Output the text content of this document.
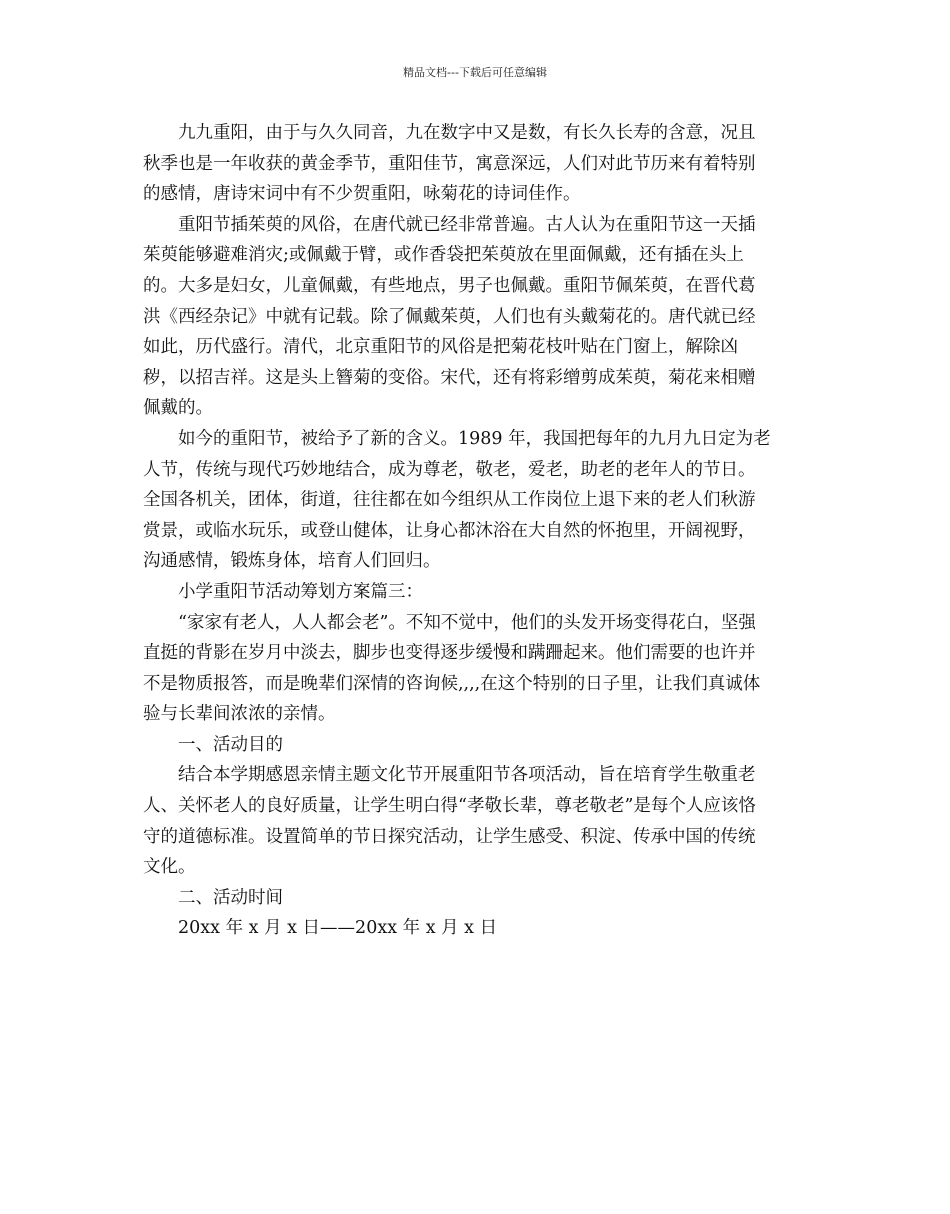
精品文档---下载后可任意编辑
九九重阳，由于与久久同音，九在数字中又是数，有长久长寿的含意，况且
秋季也是一年收获的黄金季节，重阳佳节，寓意深远，人们对此节历来有着特别
的感情，唐诗宋词中有不少贺重阳，咏菊花的诗词佳作。
重阳节插茱萸的风俗，在唐代就已经非常普遍。古人认为在重阳节这一天插
茱萸能够避难消灾;或佩戴于臂，或作香袋把茱萸放在里面佩戴，还有插在头上
的。大多是妇女，儿童佩戴，有些地点，男子也佩戴。重阳节佩茱萸，在晋代葛
洪《西经杂记》中就有记载。除了佩戴茱萸，人们也有头戴菊花的。唐代就已经
如此，历代盛行。清代，北京重阳节的风俗是把菊花枝叶贴在门窗上，解除凶
秽，以招吉祥。这是头上簪菊的变俗。宋代，还有将彩缯剪成茱萸，菊花来相赠
佩戴的。
如今的重阳节，被给予了新的含义。1989 年，我国把每年的九月九日定为老
人节，传统与现代巧妙地结合，成为尊老，敬老，爱老，助老的老年人的节日。
全国各机关，团体，街道，往往都在如今组织从工作岗位上退下来的老人们秋游
赏景，或临水玩乐，或登山健体，让身心都沐浴在大自然的怀抱里，开阔视野，
沟通感情，锻炼身体，培育人们回归。
小学重阳节活动筹划方案篇三：
“家家有老人，人人都会老”。不知不觉中，他们的头发开场变得花白，坚强
直挺的背影在岁月中淡去，脚步也变得逐步缓慢和蹒跚起来。他们需要的也许并
不是物质报答，而是晚辈们深情的咨询候,,,,在这个特别的日子里，让我们真诚体
验与长辈间浓浓的亲情。
一、活动目的
结合本学期感恩亲情主题文化节开展重阳节各项活动，旨在培育学生敬重老
人、关怀老人的良好质量，让学生明白得“孝敬长辈，尊老敬老”是每个人应该恪
守的道德标准。设置简单的节日探究活动，让学生感受、积淀、传承中国的传统
文化。
二、活动时间
20xx 年 x 月 x 日——20xx 年 x 月 x 日
